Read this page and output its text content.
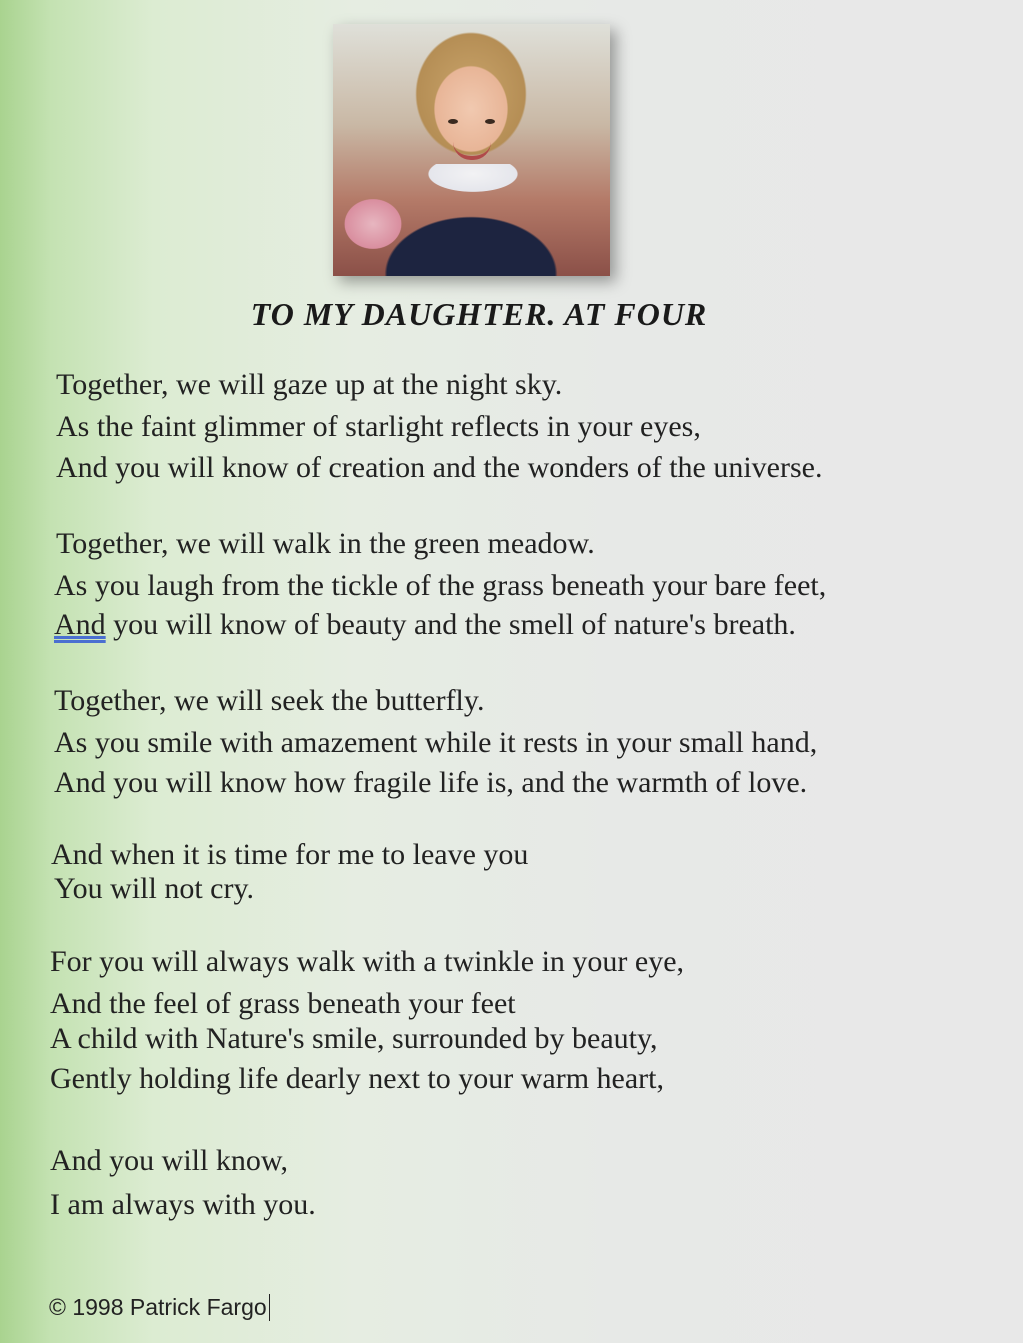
TO MY DAUGHTER. AT FOUR
Together, we will gaze up at the night sky.
As the faint glimmer of starlight reflects in your eyes,
And you will know of creation and the wonders of the universe.
Together, we will walk in the green meadow.
As you laugh from the tickle of the grass beneath your bare feet,
And you will know of beauty and the smell of nature's breath.
Together, we will seek the butterfly.
As you smile with amazement while it rests in your small hand,
And you will know how fragile life is, and the warmth of love.
And when it is time for me to leave you
You will not cry.
For you will always walk with a twinkle in your eye,
And the feel of grass beneath your feet
A child with Nature's smile, surrounded by beauty,
Gently holding life dearly next to your warm heart,
And you will know,
I am always with you.
© 1998 Patrick Fargo
